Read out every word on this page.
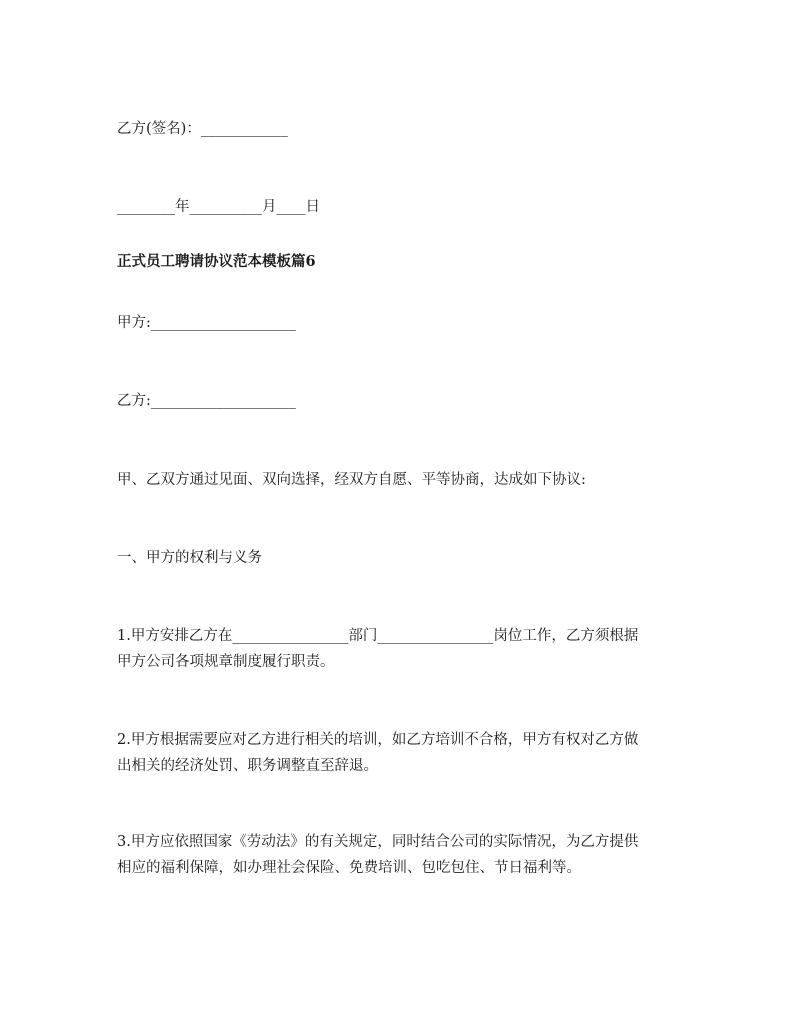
乙方(签名)：____________

________年__________月____日

正式员工聘请协议范本模板篇6

甲方:____________________

乙方:____________________

甲、乙双方通过见面、双向选择，经双方自愿、平等协商，达成如下协议:

一、甲方的权利与义务

1.甲方安排乙方在________________部门________________岗位工作，乙方须根据
甲方公司各项规章制度履行职责。
2.甲方根据需要应对乙方进行相关的培训，如乙方培训不合格，甲方有权对乙方做
出相关的经济处罚、职务调整直至辞退。
3.甲方应依照国家《劳动法》的有关规定，同时结合公司的实际情况，为乙方提供
相应的福利保障，如办理社会保险、免费培训、包吃包住、节日福利等。
